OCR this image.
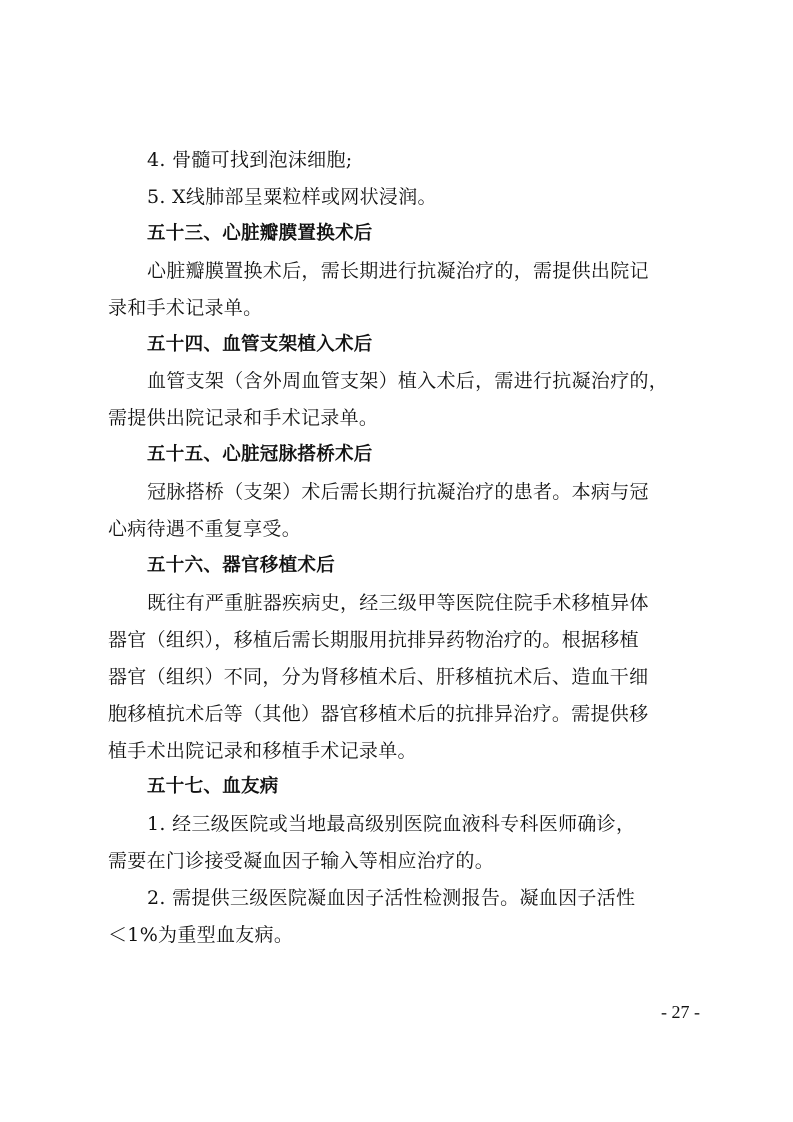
4. 骨髓可找到泡沫细胞;
5. X线肺部呈粟粒样或网状浸润。
五十三、心脏瓣膜置换术后
心脏瓣膜置换术后，需长期进行抗凝治疗的，需提供出院记
录和手术记录单。
五十四、血管支架植入术后
血管支架（含外周血管支架）植入术后，需进行抗凝治疗的，
需提供出院记录和手术记录单。
五十五、心脏冠脉搭桥术后
冠脉搭桥（支架）术后需长期行抗凝治疗的患者。本病与冠
心病待遇不重复享受。
五十六、器官移植术后
既往有严重脏器疾病史，经三级甲等医院住院手术移植异体
器官（组织），移植后需长期服用抗排异药物治疗的。根据移植
器官（组织）不同，分为肾移植术后、肝移植抗术后、造血干细
胞移植抗术后等（其他）器官移植术后的抗排异治疗。需提供移
植手术出院记录和移植手术记录单。
五十七、血友病
1. 经三级医院或当地最高级别医院血液科专科医师确诊，
需要在门诊接受凝血因子输入等相应治疗的。
2. 需提供三级医院凝血因子活性检测报告。凝血因子活性
＜1%为重型血友病。
- 27 -
